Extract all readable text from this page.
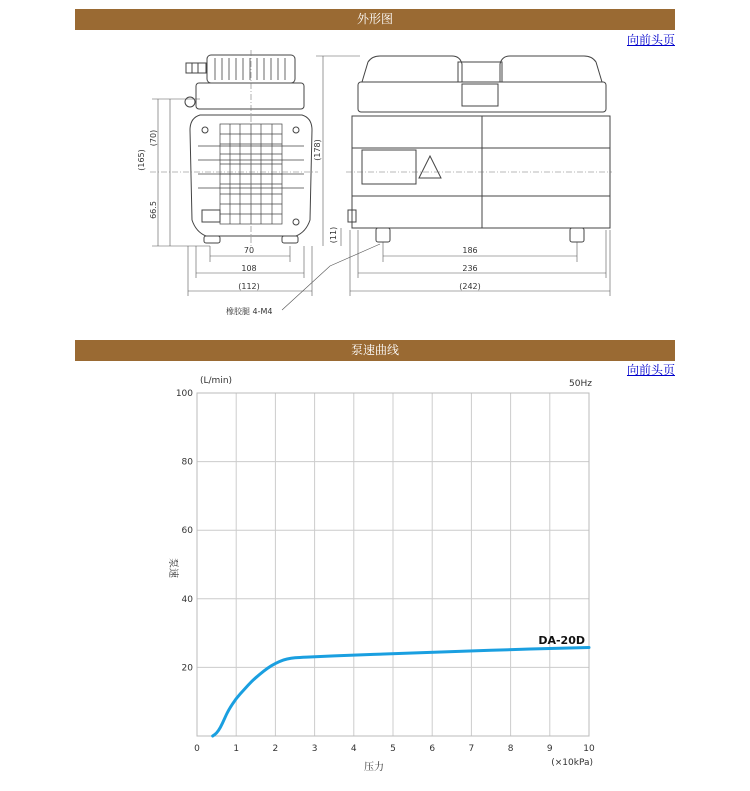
外形图
向前头页
泵速曲线
向前头页
(70)
(165)
66.5
(178)
(11)
70
108
(112)
186
236
(242)
橡胶腿 4-M4
0	1	2	3	4	5	6	7	8	9	10
20
40
60
80
100
(L/min)	50Hz
(×10kPa)
压力
泵速
DA-20D
